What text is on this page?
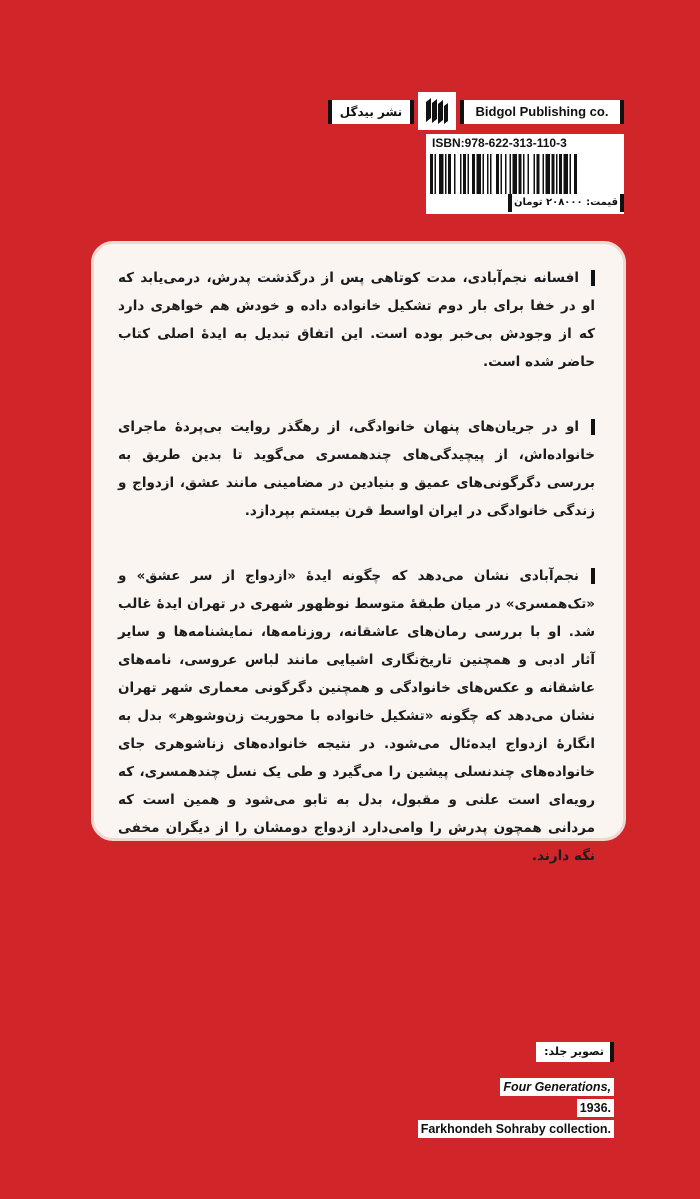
نشر بیدگل	Bidgol Publishing co.
ISBN:978-622-313-110-3
قیمت: ۲۰۸۰۰۰ تومان

افسانه نجم‌آبادی، مدت کوتاهی پس از درگذشت پدرش، درمی‌یابد که او در خفا برای بار دوم تشکیل خانواده داده و خودش هم خواهری دارد که از وجودش بی‌خبر بوده است. این اتفاق تبدیل به ایدهٔ اصلی کتاب حاضر شده است.

او در جریان‌های پنهان خانوادگی، از رهگذر روایت بی‌پردهٔ ماجرای خانواده‌اش، از پیچیدگی‌های چندهمسری می‌گوید تا بدین طریق به بررسی دگرگونی‌های عمیق و بنیادین در مضامینی مانند عشق، ازدواج و زندگی خانوادگی در ایران اواسط قرن بیستم بپردازد.

نجم‌آبادی نشان می‌دهد که چگونه ایدهٔ «ازدواج از سر عشق» و «تک‌همسری» در میان طبقهٔ متوسط نوظهور شهری در تهران ایدهٔ غالب شد. او با بررسی رمان‌های عاشقانه، روزنامه‌ها، نمایشنامه‌ها و سایر آثار ادبی و همچنین تاریخ‌نگاری اشیایی مانند لباس عروسی، نامه‌های عاشقانه و عکس‌های خانوادگی و همچنین دگرگونی معماری شهر تهران نشان می‌دهد که چگونه «تشکیل خانواده با محوریت زن‌وشوهر» بدل به انگارهٔ ازدواج ایده‌ئال می‌شود. در نتیجه خانواده‌های زناشوهری جای خانواده‌های چندنسلی پیشین را می‌گیرد و طی یک نسل چندهمسری، که رویه‌ای است علنی و مقبول، بدل به تابو می‌شود و همین است که مردانی همچون پدرش را وامی‌دارد ازدواج دومشان را از دیگران مخفی نگه دارند.

تصویر جلد:
Four Generations,
1936.
Farkhondeh Sohraby collection.
